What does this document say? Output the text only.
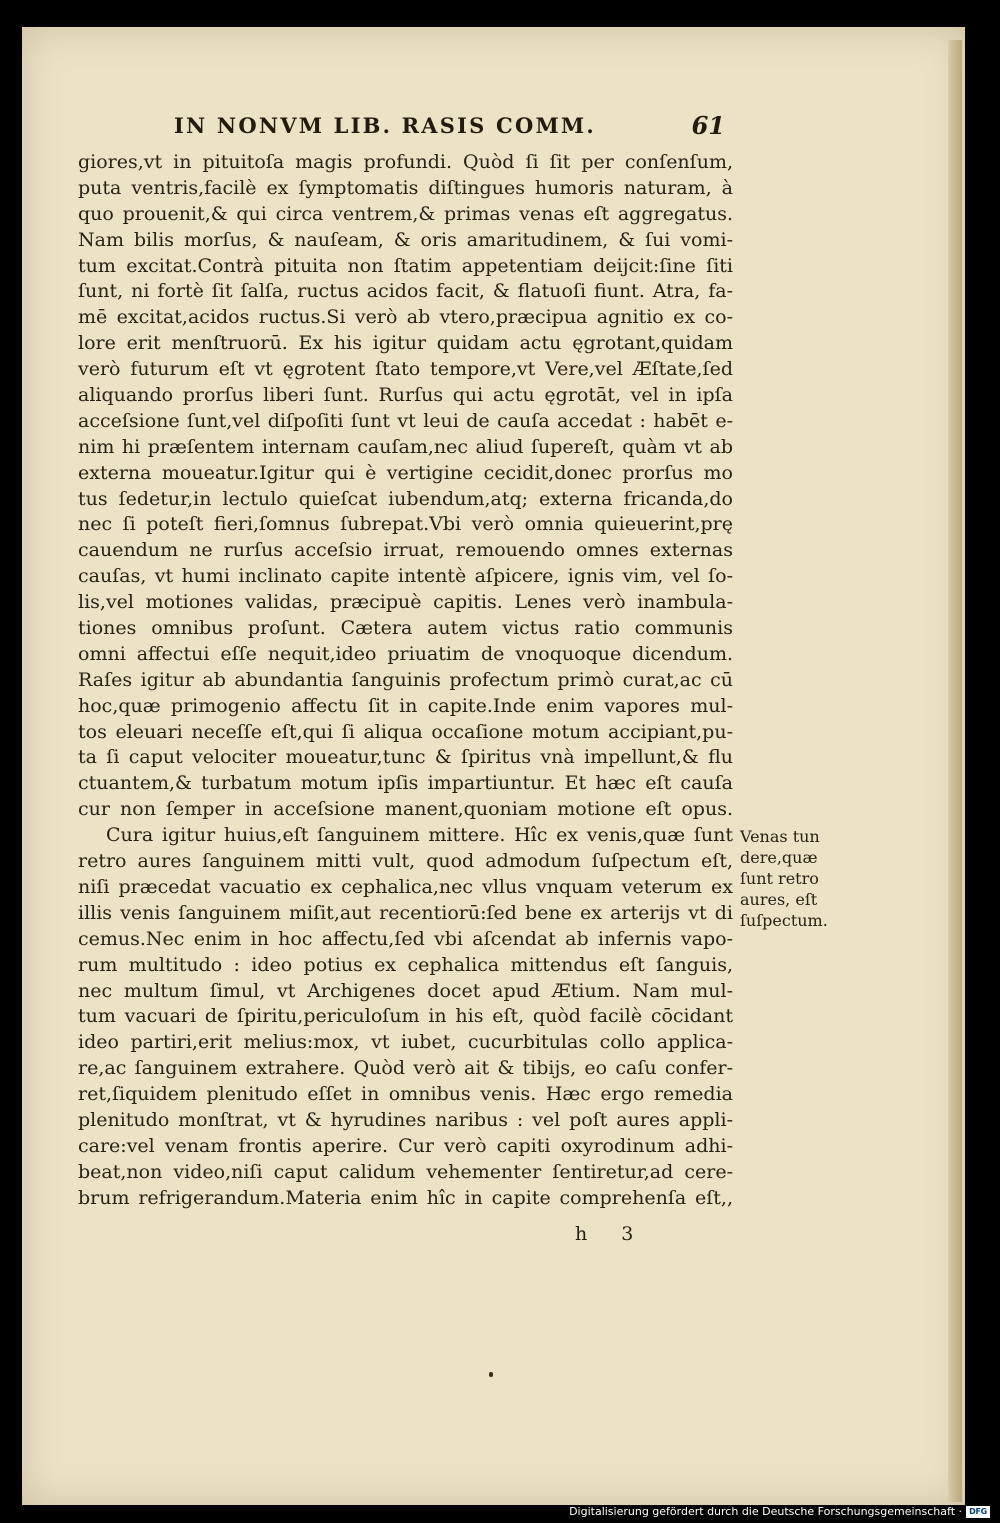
IN NONVM LIB. RASIS COMM.	61
giores,vt in pituitoſa magis profundi. Quòd ſi ſit per conſenſum,
puta ventris,facilè ex ſymptomatis diſtingues humoris naturam, à
quo prouenit,& qui circa ventrem,& primas venas eſt aggregatus.
Nam bilis morſus, & nauſeam, & oris amaritudinem, & ſui vomi-
tum excitat.Contrà pituita non ſtatim appetentiam deijcit:ſine ſiti
ſunt, ni fortè ſit ſalſa, ructus acidos facit, & flatuoſi fiunt. Atra, fa-
mē excitat,acidos ructus.Si verò ab vtero,præcipua agnitio ex co-
lore erit menſtruorū. Ex his igitur quidam actu ęgrotant,quidam
verò futurum eſt vt ęgrotent ſtato tempore,vt Vere,vel Æſtate,ſed
aliquando prorſus liberi ſunt. Rurſus qui actu ęgrotāt, vel in ipſa
acceſsione ſunt,vel diſpoſiti ſunt vt leui de cauſa accedat : habēt e-
nim hi præſentem internam cauſam,nec aliud ſupereſt, quàm vt ab
externa moueatur.Igitur qui è vertigine cecidit,donec prorſus mo
tus ſedetur,in lectulo quieſcat iubendum,atq; externa fricanda,do
nec ſi poteſt fieri,ſomnus ſubrepat.Vbi verò omnia quieuerint,prę
cauendum ne rurſus acceſsio irruat, remouendo omnes externas
cauſas, vt humi inclinato capite intentè aſpicere, ignis vim, vel ſo-
lis,vel motiones validas, præcipuè capitis. Lenes verò inambula-
tiones omnibus proſunt. Cætera autem victus ratio communis
omni affectui eſſe nequit,ideo priuatim de vnoquoque dicendum.
Raſes igitur ab abundantia ſanguinis profectum primò curat,ac cū
hoc,quæ primogenio affectu ſit in capite.Inde enim vapores mul-
tos eleuari neceſſe eſt,qui ſi aliqua occaſione motum accipiant,pu-
ta ſi caput velociter moueatur,tunc & ſpiritus vnà impellunt,& flu
ctuantem,& turbatum motum ipſis impartiuntur. Et hæc eſt cauſa
cur non ſemper in acceſsione manent,quoniam motione eſt opus.
Cura igitur huius,eſt ſanguinem mittere. Hîc ex venis,quæ ſunt
retro aures ſanguinem mitti vult, quod admodum ſuſpectum eſt,
niſi præcedat vacuatio ex cephalica,nec vllus vnquam veterum ex
illis venis ſanguinem miſit,aut recentiorū:ſed bene ex arterijs vt di
cemus.Nec enim in hoc affectu,ſed vbi aſcendat ab infernis vapo-
rum multitudo : ideo potius ex cephalica mittendus eſt ſanguis,
nec multum ſimul, vt Archigenes docet apud Ætium. Nam mul-
tum vacuari de ſpiritu,periculoſum in his eſt, quòd facilè cōcidant
ideo partiri,erit melius:mox, vt iubet, cucurbitulas collo applica-
re,ac ſanguinem extrahere. Quòd verò ait & tibijs, eo caſu confer-
ret,ſiquidem plenitudo eſſet in omnibus venis. Hæc ergo remedia
plenitudo monſtrat, vt & hyrudines naribus : vel poſt aures appli-
care:vel venam frontis aperire. Cur verò capiti oxyrodinum adhi-
beat,non video,niſi caput calidum vehementer ſentiretur,ad cere-
brum refrigerandum.Materia enim hîc in capite comprehenſa eſt,,
Venas tun
dere,quæ
ſunt retro
aures, eſt
ſuſpectum.
h 3
Digitalisierung gefördert durch die Deutsche Forschungsgemeinschaft · DFG
